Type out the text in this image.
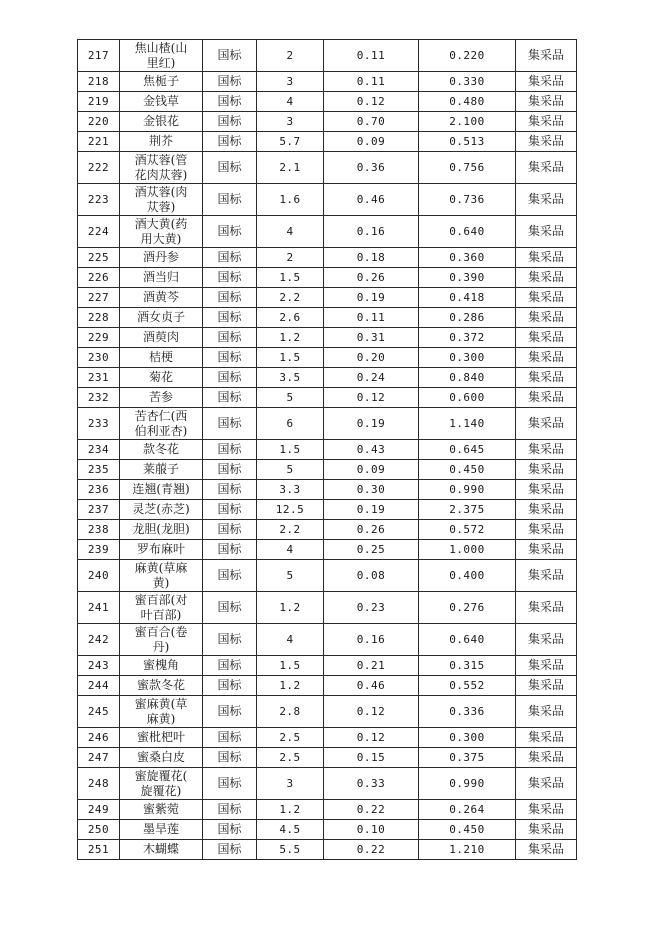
217	焦山楂(山
里红)	国标	2	0.11	0.220	集采品
218	焦栀子	国标	3	0.11	0.330	集采品
219	金钱草	国标	4	0.12	0.480	集采品
220	金银花	国标	3	0.70	2.100	集采品
221	荆芥	国标	5.7	0.09	0.513	集采品
222	酒苁蓉(管
花肉苁蓉)	国标	2.1	0.36	0.756	集采品
223	酒苁蓉(肉
苁蓉)	国标	1.6	0.46	0.736	集采品
224	酒大黄(药
用大黄)	国标	4	0.16	0.640	集采品
225	酒丹参	国标	2	0.18	0.360	集采品
226	酒当归	国标	1.5	0.26	0.390	集采品
227	酒黄芩	国标	2.2	0.19	0.418	集采品
228	酒女贞子	国标	2.6	0.11	0.286	集采品
229	酒萸肉	国标	1.2	0.31	0.372	集采品
230	桔梗	国标	1.5	0.20	0.300	集采品
231	菊花	国标	3.5	0.24	0.840	集采品
232	苦参	国标	5	0.12	0.600	集采品
233	苦杏仁(西
伯利亚杏)	国标	6	0.19	1.140	集采品
234	款冬花	国标	1.5	0.43	0.645	集采品
235	莱菔子	国标	5	0.09	0.450	集采品
236	连翘(青翘)	国标	3.3	0.30	0.990	集采品
237	灵芝(赤芝)	国标	12.5	0.19	2.375	集采品
238	龙胆(龙胆)	国标	2.2	0.26	0.572	集采品
239	罗布麻叶	国标	4	0.25	1.000	集采品
240	麻黄(草麻
黄)	国标	5	0.08	0.400	集采品
241	蜜百部(对
叶百部)	国标	1.2	0.23	0.276	集采品
242	蜜百合(卷
丹)	国标	4	0.16	0.640	集采品
243	蜜槐角	国标	1.5	0.21	0.315	集采品
244	蜜款冬花	国标	1.2	0.46	0.552	集采品
245	蜜麻黄(草
麻黄)	国标	2.8	0.12	0.336	集采品
246	蜜枇杷叶	国标	2.5	0.12	0.300	集采品
247	蜜桑白皮	国标	2.5	0.15	0.375	集采品
248	蜜旋覆花(
旋覆花)	国标	3	0.33	0.990	集采品
249	蜜紫菀	国标	1.2	0.22	0.264	集采品
250	墨旱莲	国标	4.5	0.10	0.450	集采品
251	木蝴蝶	国标	5.5	0.22	1.210	集采品
